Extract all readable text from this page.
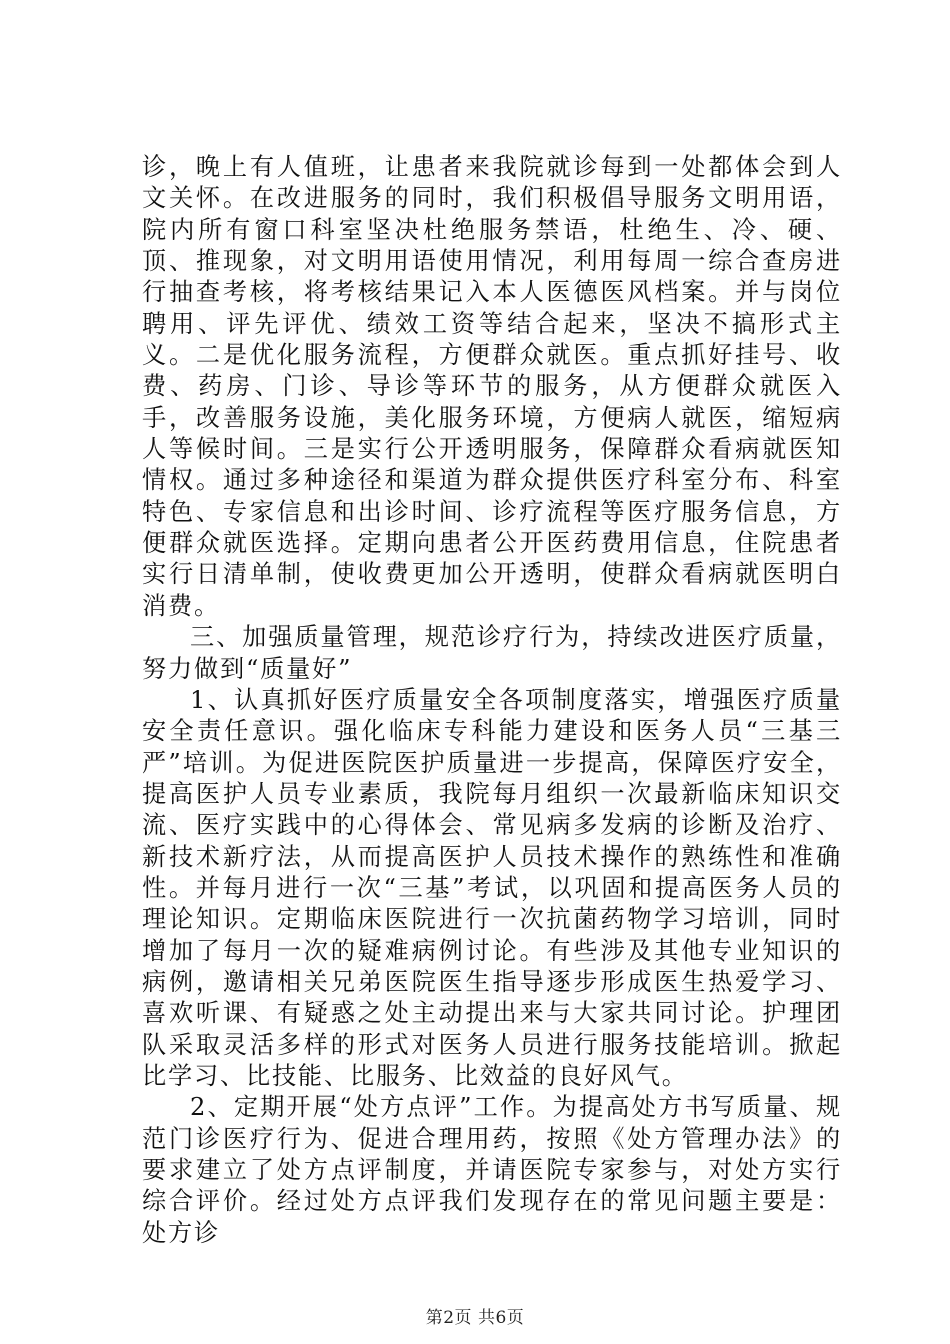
诊，晚上有人值班，让患者来我院就诊每到一处都体会到人文关怀。在改进服务的同时，我们积极倡导服务文明用语，院内所有窗口科室坚决杜绝服务禁语，杜绝生、冷、硬、顶、推现象，对文明用语使用情况，利用每周一综合查房进行抽查考核，将考核结果记入本人医德医风档案。并与岗位聘用、评先评优、绩效工资等结合起来，坚决不搞形式主义。二是优化服务流程，方便群众就医。重点抓好挂号、收费、药房、门诊、导诊等环节的服务，从方便群众就医入手，改善服务设施，美化服务环境，方便病人就医，缩短病人等候时间。三是实行公开透明服务，保障群众看病就医知情权。通过多种途径和渠道为群众提供医疗科室分布、科室特色、专家信息和出诊时间、诊疗流程等医疗服务信息，方便群众就医选择。定期向患者公开医药费用信息，住院患者实行日清单制，使收费更加公开透明，使群众看病就医明白消费。

三、加强质量管理，规范诊疗行为，持续改进医疗质量，努力做到“质量好”

1、认真抓好医疗质量安全各项制度落实，增强医疗质量安全责任意识。强化临床专科能力建设和医务人员“三基三严”培训。为促进医院医护质量进一步提高，保障医疗安全，提高医护人员专业素质，我院每月组织一次最新临床知识交流、医疗实践中的心得体会、常见病多发病的诊断及治疗、新技术新疗法，从而提高医护人员技术操作的熟练性和准确性。并每月进行一次“三基”考试，以巩固和提高医务人员的理论知识。定期临床医院进行一次抗菌药物学习培训，同时增加了每月一次的疑难病例讨论。有些涉及其他专业知识的病例，邀请相关兄弟医院医生指导逐步形成医生热爱学习、喜欢听课、有疑惑之处主动提出来与大家共同讨论。护理团队采取灵活多样的形式对医务人员进行服务技能培训。掀起比学习、比技能、比服务、比效益的良好风气。

2、定期开展“处方点评”工作。为提高处方书写质量、规范门诊医疗行为、促进合理用药，按照《处方管理办法》的要求建立了处方点评制度，并请医院专家参与，对处方实行综合评价。经过处方点评我们发现存在的常见问题主要是：处方诊

第2页 共6页
